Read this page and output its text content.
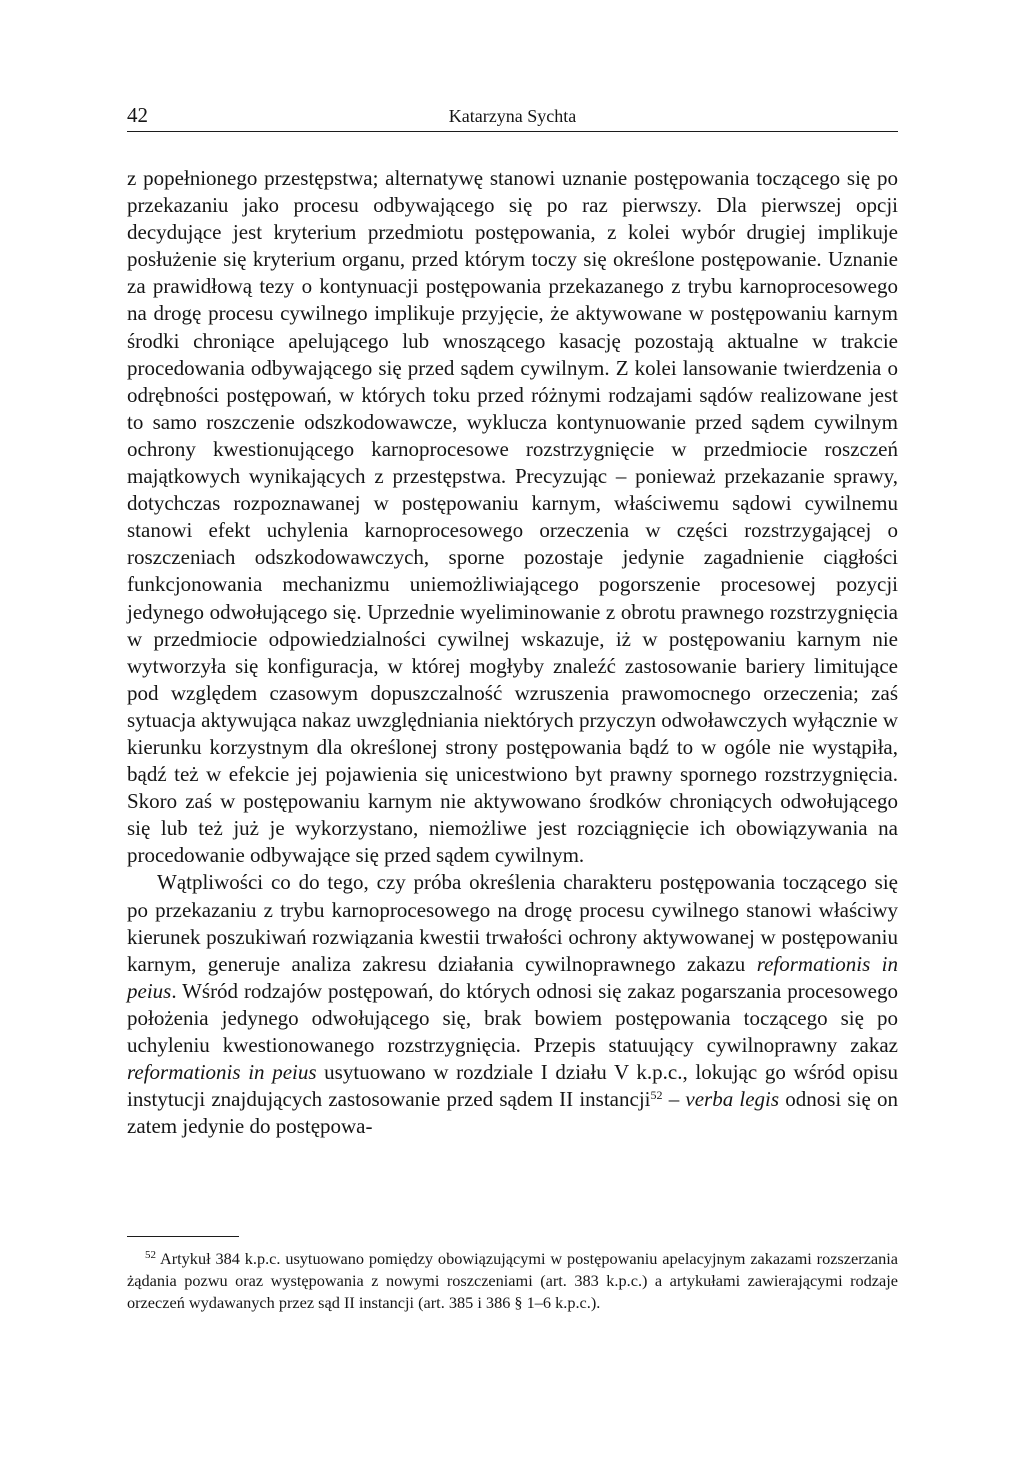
42	Katarzyna Sychta

z popełnionego przestępstwa; alternatywę stanowi uznanie postępowania toczącego się po przekazaniu jako procesu odbywającego się po raz pierwszy. Dla pierwszej opcji decydujące jest kryterium przedmiotu postępowania, z kolei wybór drugiej implikuje posłużenie się kryterium organu, przed którym toczy się określone postępowanie. Uznanie za prawidłową tezy o kontynuacji postępowania przekazanego z trybu karnoprocesowego na drogę procesu cywilnego implikuje przyjęcie, że aktywowane w postępowaniu karnym środki chroniące apelującego lub wnoszącego kasację pozostają aktualne w trakcie procedowania odbywającego się przed sądem cywilnym. Z kolei lansowanie twierdzenia o odrębności postępowań, w których toku przed różnymi rodzajami sądów realizowane jest to samo roszczenie odszkodowawcze, wyklucza kontynuowanie przed sądem cywilnym ochrony kwestionującego karnoprocesowe rozstrzygnięcie w przedmiocie roszczeń majątkowych wynikających z przestępstwa. Precyzując – ponieważ przekazanie sprawy, dotychczas rozpoznawanej w postępowaniu karnym, właściwemu sądowi cywilnemu stanowi efekt uchylenia karnoprocesowego orzeczenia w części rozstrzygającej o roszczeniach odszkodowawczych, sporne pozostaje jedynie zagadnienie ciągłości funkcjonowania mechanizmu uniemożliwiającego pogorszenie procesowej pozycji jedynego odwołującego się. Uprzednie wyeliminowanie z obrotu prawnego rozstrzygnięcia w przedmiocie odpowiedzialności cywilnej wskazuje, iż w postępowaniu karnym nie wytworzyła się konfiguracja, w której mogłyby znaleźć zastosowanie bariery limitujące pod względem czasowym dopuszczalność wzruszenia prawomocnego orzeczenia; zaś sytuacja aktywująca nakaz uwzględniania niektórych przyczyn odwoławczych wyłącznie w kierunku korzystnym dla określonej strony postępowania bądź to w ogóle nie wystąpiła, bądź też w efekcie jej pojawienia się unicestwiono byt prawny spornego rozstrzygnięcia. Skoro zaś w postępowaniu karnym nie aktywowano środków chroniących odwołującego się lub też już je wykorzystano, niemożliwe jest rozciągnięcie ich obowiązywania na procedowanie odbywające się przed sądem cywilnym.

Wątpliwości co do tego, czy próba określenia charakteru postępowania toczącego się po przekazaniu z trybu karnoprocesowego na drogę procesu cywilnego stanowi właściwy kierunek poszukiwań rozwiązania kwestii trwałości ochrony aktywowanej w postępowaniu karnym, generuje analiza zakresu działania cywilnoprawnego zakazu reformationis in peius. Wśród rodzajów postępowań, do których odnosi się zakaz pogarszania procesowego położenia jedynego odwołującego się, brak bowiem postępowania toczącego się po uchyleniu kwestionowanego rozstrzygnięcia. Przepis statuujący cywilnoprawny zakaz reformationis in peius usytuowano w rozdziale I działu V k.p.c., lokując go wśród opisu instytucji znajdujących zastosowanie przed sądem II instancji$^{52}$ – verba legis odnosi się on zatem jedynie do postępowa-

$^{52}$ Artykuł 384 k.p.c. usytuowano pomiędzy obowiązującymi w postępowaniu apelacyjnym zakazami rozszerzania żądania pozwu oraz występowania z nowymi roszczeniami (art. 383 k.p.c.) a artykułami zawierającymi rodzaje orzeczeń wydawanych przez sąd II instancji (art. 385 i 386 § 1–6 k.p.c.).
